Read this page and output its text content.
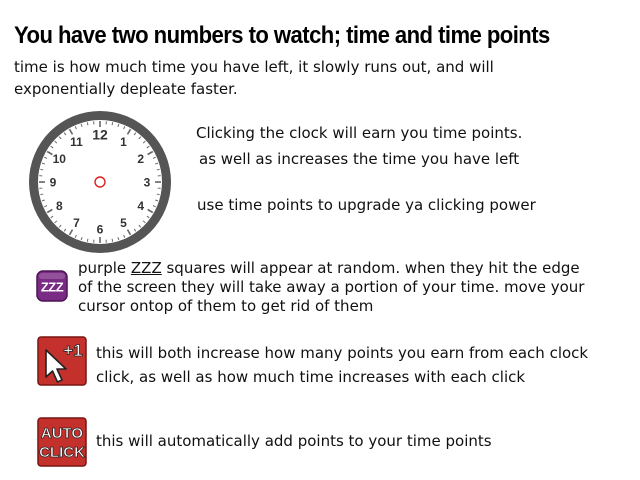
You have two numbers to watch; time and time points
time is how much time you have left, it slowly runs out, and will
exponentially depleate faster.
12 1
2
3
4
5
6
7
8
9
10
11	Clicking the clock will earn you time points.

as well as increases the time you have left

use time points to upgrade ya clicking power

ZZZ
purple ZZZ squares will appear at random. when they hit the edge
of the screen they will take away a portion of your time. move your
cursor ontop of them to get rid of them
+1 this will both increase how many points you earn from each clock
click, as well as how much time increases with each click
AUTO
CLICK

this will automatically add points to your time points
